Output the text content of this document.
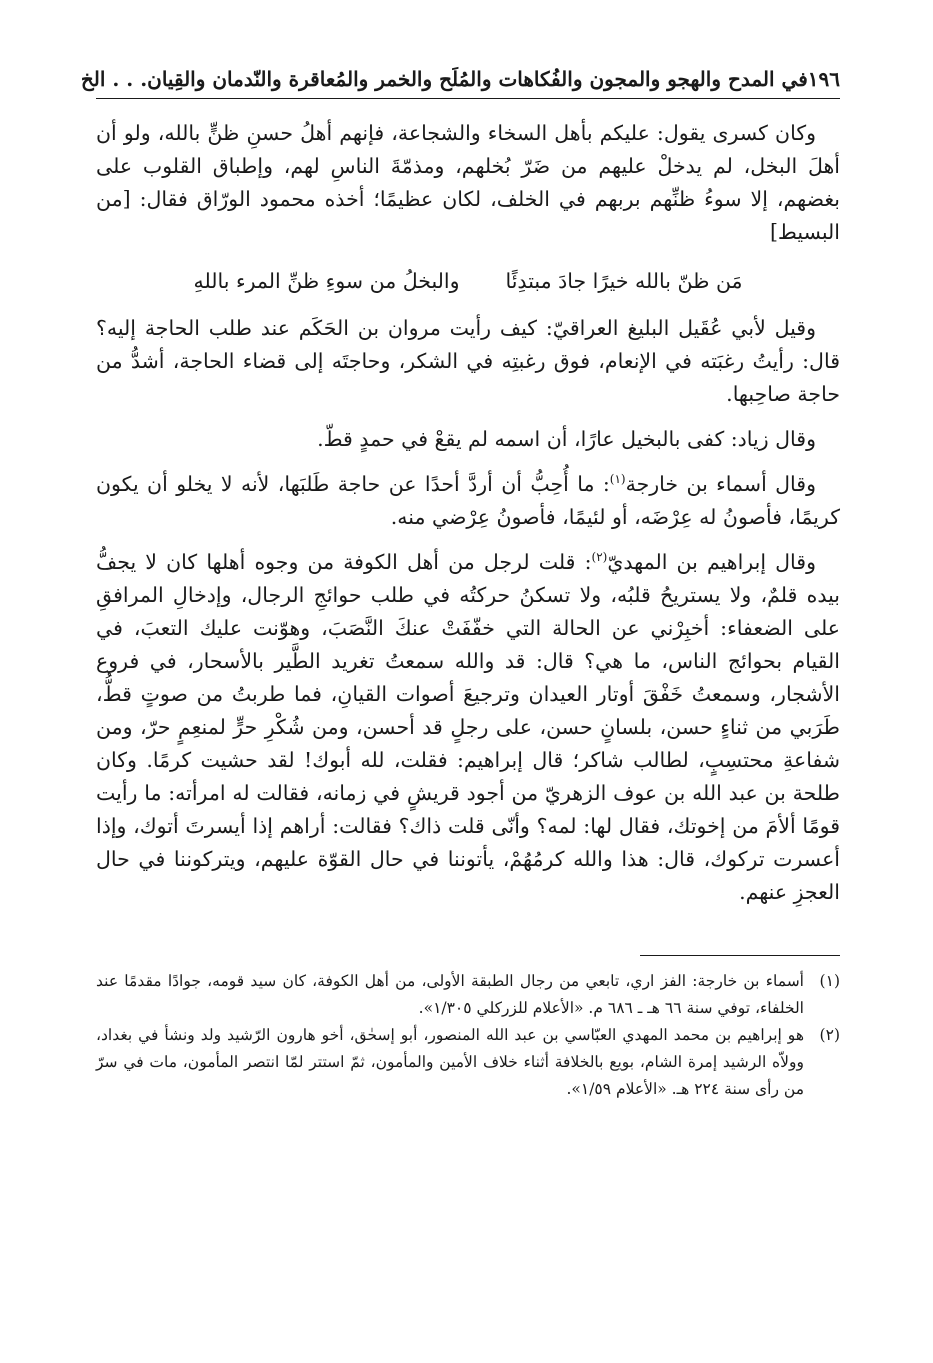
١٩٦
في المدح والهجو والمجون والفُكاهات والمُلَح والخمر والمُعاقرة والنّدمان والقِيان. . . الخ

وكان كسرى يقول: عليكم بأهل السخاء والشجاعة، فإنهم أهلُ حسنِ ظنٍّ بالله، ولو أن أهلَ البخل، لم يدخلْ عليهم من ضَرّ بُخلهم، ومذمّةَ الناسِ لهم، وإطباق القلوب على بغضهم، إلا سوءُ ظنِّهم بربهم في الخلف، لكان عظيمًا؛ أخذه محمود الورّاق فقال: [من البسيط]

مَن ظنّ بالله خيرًا جادَ مبتدِئًا
والبخلُ من سوءِ ظنِّ المرء باللهِ

وقيل لأبي عُقَيل البليغ العراقيّ: كيف رأيت مروان بن الحَكَم عند طلب الحاجة إليه؟ قال: رأيتُ رغبَته في الإنعام، فوق رغبتِه في الشكر، وحاجتَه إلى قضاء الحاجة، أشدُّ من حاجة صاحِبها.

وقال زياد: كفى بالبخيل عارًا، أن اسمه لم يقعْ في حمدٍ قطّ.

وقال أسماء بن خارجة$^{(١)}$: ما أُحِبُّ أن أردَّ أحدًا عن حاجة طَلبَها، لأنه لا يخلو أن يكون كريمًا، فأصونُ له عِرْضَه، أو لئيمًا، فأصونُ عِرْضي منه.

وقال إبراهيم بن المهديّ$^{(٢)}$: قلت لرجل من أهل الكوفة من وجوه أهلها كان لا يجفُّ بيده قلمٌ، ولا يستريحُ قلبُه، ولا تسكنُ حركتُه في طلب حوائجِ الرجال، وإدخالِ المرافقِ على الضعفاء: أخبِرْني عن الحالة التي خفّفَتْ عنكَ النَّصَبَ، وهوّنت عليك التعبَ، في القيام بحوائج الناس، ما هي؟ قال: قد والله سمعتُ تغريد الطَّير بالأسحار، في فروع الأشجار، وسمعتُ خَفْقَ أوتار العيدان وترجيعَ أصوات القيانِ، فما طربتُ من صوتٍ قطُّ، طَرَبي من ثناءٍ حسن، بلسانٍ حسن، على رجلٍ قد أحسن، ومن شُكْرِ حرٍّ لمنعِمٍ حرّ، ومن شفاعةِ محتسِبٍ، لطالب شاكر؛ قال إبراهيم: فقلت، لله أبوك! لقد حشيت كرمًا. وكان طلحة بن عبد الله بن عوف الزهريّ من أجود قريشٍ في زمانه، فقالت له امرأته: ما رأيت قومًا ألأمَ من إخوتك، فقال لها: لمه؟ وأنّى قلت ذاك؟ فقالت: أراهم إذا أيسرتَ أتوك، وإذا أعسرت تركوك، قال: هذا والله كرمُهُمْ، يأتوننا في حال القوّة عليهم، ويتركوننا في حال العجزِ عنهم.

(١)
أسماء بن خارجة: الفز اري، تابعي من رجال الطبقة الأولى، من أهل الكوفة، كان سيد قومه، جوادًا مقدمًا عند الخلفاء، توفي سنة ٦٦ هـ ـ ٦٨٦ م. «الأعلام للزركلي ١/٣٠٥».
(٢)
هو إبراهيم بن محمد المهدي العبّاسي بن عبد الله المنصور، أبو إسحٰق، أخو هارون الرّشيد ولد ونشأ في بغداد، وولاّه الرشيد إمرة الشام، بويع بالخلافة أثناء خلاف الأمين والمأمون، ثمّ استتر لمّا انتصر المأمون، مات في سرّ من رأى سنة ٢٢٤ هـ. «الأعلام ١/٥٩».
